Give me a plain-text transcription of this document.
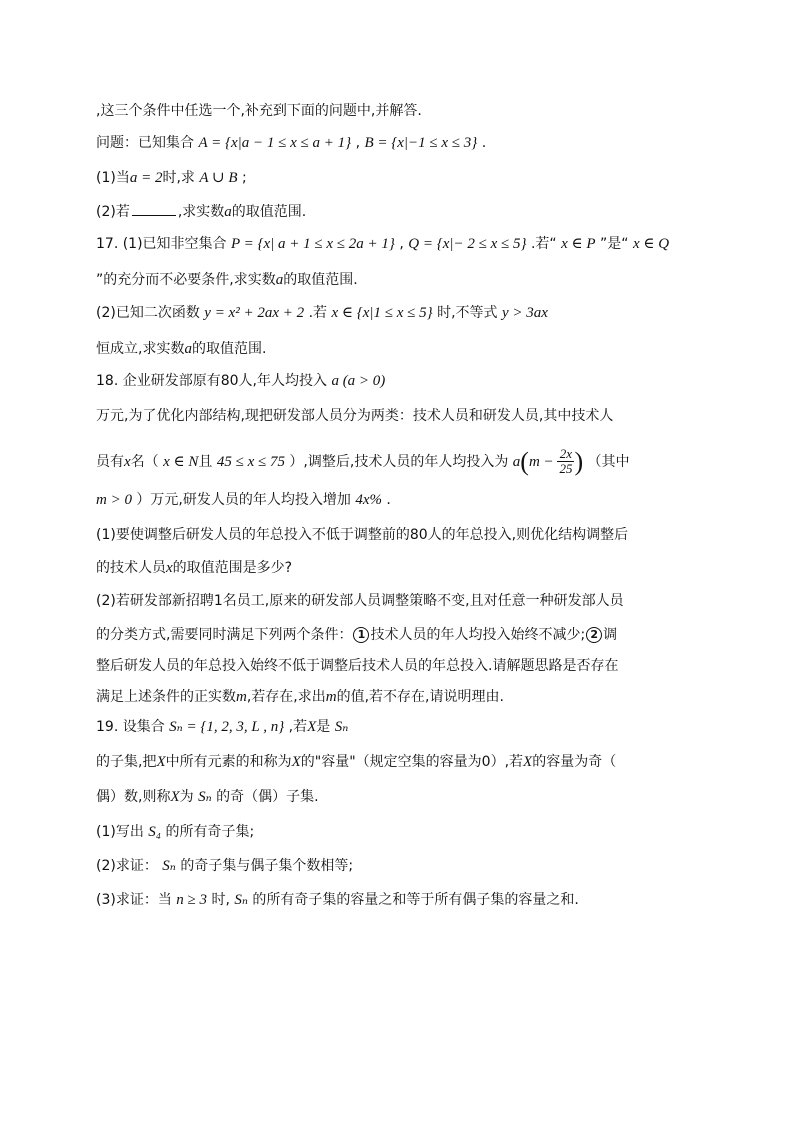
,这三个条件中任选一个,补充到下面的问题中,并解答.
问题：已知集合 A = {x|a − 1 ≤ x ≤ a + 1} , B = {x|−1 ≤ x ≤ 3} .
(1)当a = 2时,求 A ∪ B ;
(2)若	,求实数a的取值范围.
17. (1)已知非空集合 P = {x| a + 1 ≤ x ≤ 2a + 1} , Q = {x|− 2 ≤ x ≤ 5} .若“ x ∈ P ”是“ x ∈ Q
”的充分而不必要条件,求实数a的取值范围.
(2)已知二次函数 y = x² + 2ax + 2 .若 x ∈ {x|1 ≤ x ≤ 5} 时,不等式 y > 3ax
恒成立,求实数a的取值范围.
18. 企业研发部原有80人,年人均投入 a (a > 0)
万元,为了优化内部结构,现把研发部人员分为两类：技术人员和研发人员,其中技术人
员有x名（ x ∈ N且 45 ≤ x ≤ 75 ）,调整后,技术人员的年人均投入为 $a(m - \frac{2x}{25}$ ) （其中
m > 0 ）万元,研发人员的年人均投入增加 4x% .
(1)要使调整后研发人员的年总投入不低于调整前的80人的年总投入,则优化结构调整后
的技术人员x的取值范围是多少?
(2)若研发部新招聘1名员工,原来的研发部人员调整策略不变,且对任意一种研发部人员
的分类方式,需要同时满足下列两个条件： 1 技术人员的年人均投入始终不减少; 2 调
整后研发人员的年总投入始终不低于调整后技术人员的年总投入.请解题思路是否存在
满足上述条件的正实数m,若存在,求出m的值,若不存在,请说明理由.
19. 设集合 Sₙ = {1, 2, 3, L , n} ,若X是 Sₙ
的子集,把X中所有元素的和称为X的"容量"（规定空集的容量为0）,若X的容量为奇（
偶）数,则称X为 Sₙ 的奇（偶）子集.
(1)写出 S₄ 的所有奇子集;
(2)求证： Sₙ 的奇子集与偶子集个数相等;
(3)求证：当 n ≥ 3 时, Sₙ 的所有奇子集的容量之和等于所有偶子集的容量之和.
